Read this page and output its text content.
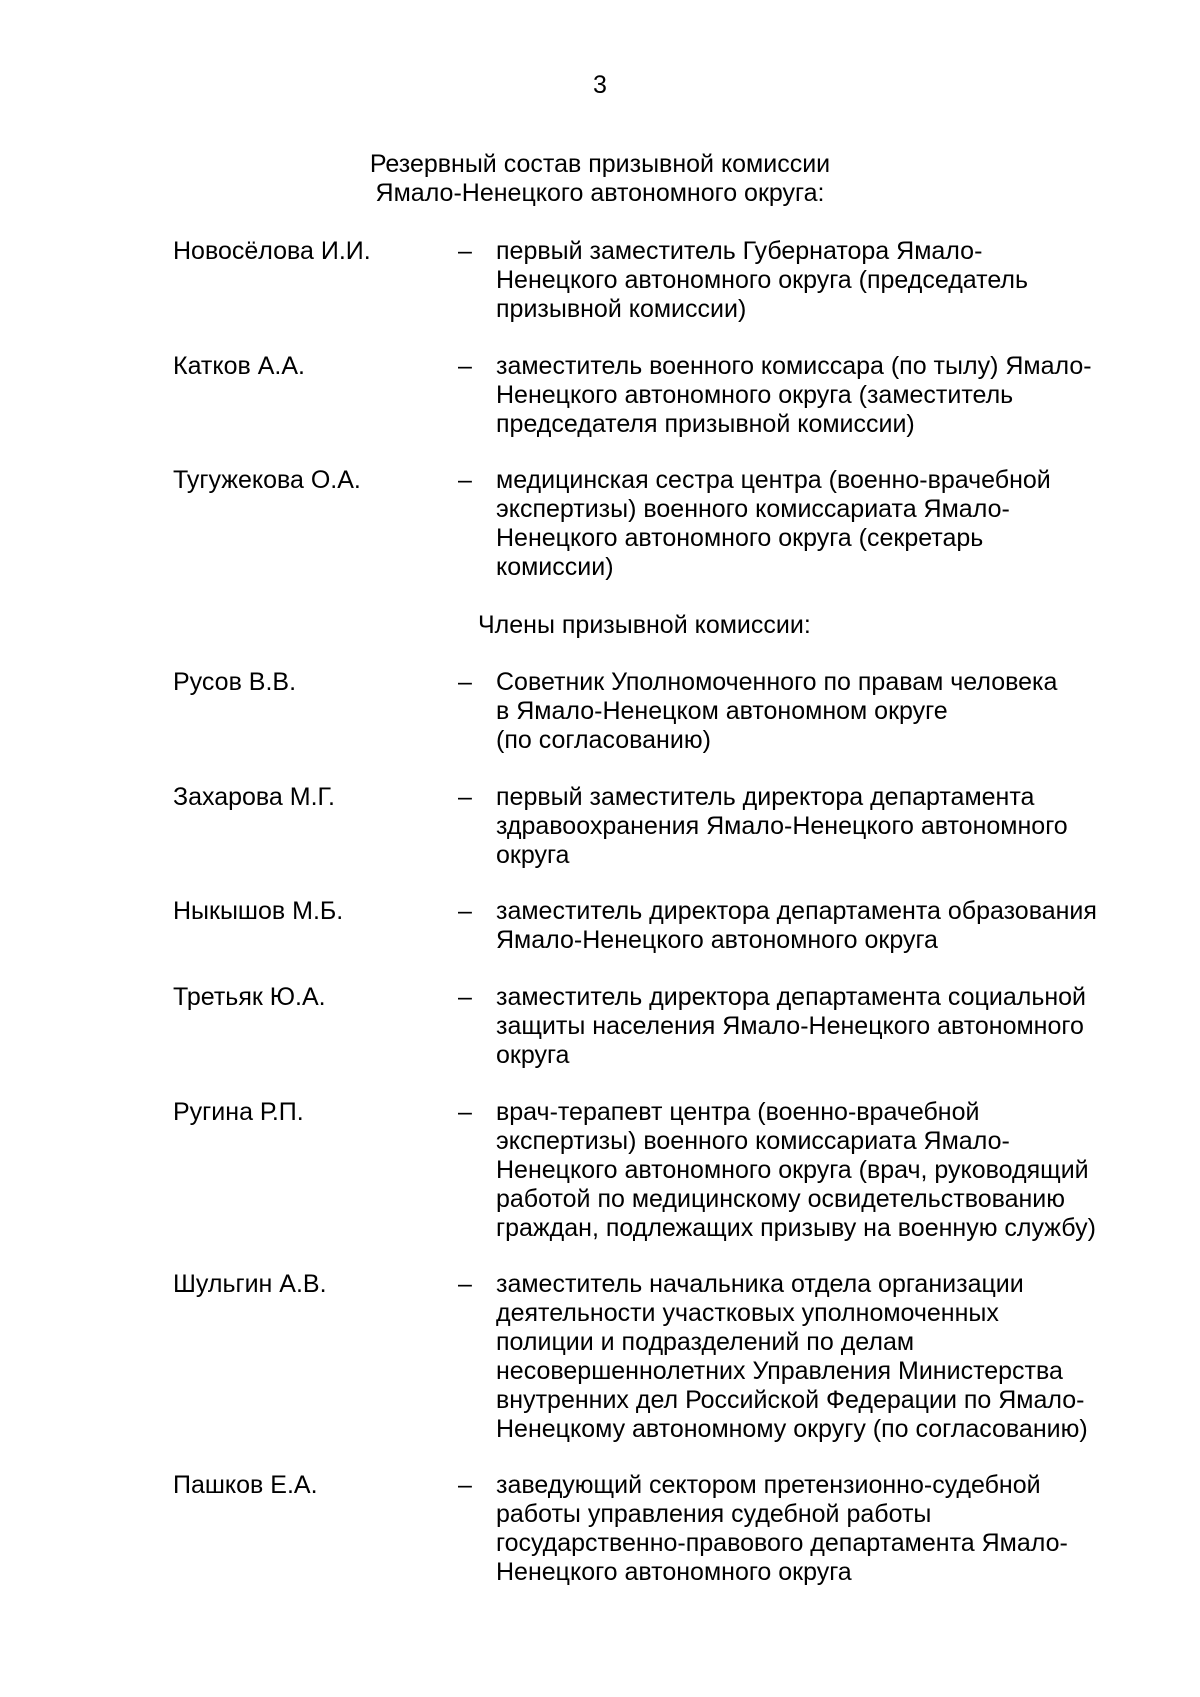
3
Резервный состав призывной комиссии
Ямало-Ненецкого автономного округа:
Новосёлова И.И.	– первый заместитель Губернатора Ямало-
Ненецкого автономного округа (председатель
призывной комиссии)
Катков А.А.	– заместитель военного комиссара (по тылу) Ямало-
Ненецкого автономного округа (заместитель
председателя призывной комиссии)
Тугужекова О.А.	– медицинская сестра центра (военно-врачебной
экспертизы) военного комиссариата Ямало-
Ненецкого автономного округа (секретарь
комиссии)
Члены призывной комиссии:
Русов В.В.	– Советник Уполномоченного по правам человека
в Ямало-Ненецком автономном округе
(по согласованию)
Захарова М.Г.	– первый заместитель директора департамента
здравоохранения Ямало-Ненецкого автономного
округа
Ныкышов М.Б.	– заместитель директора департамента образования
Ямало-Ненецкого автономного округа
Третьяк Ю.А.	– заместитель директора департамента социальной
защиты населения Ямало-Ненецкого автономного
округа
Ругина Р.П.	– врач-терапевт центра (военно-врачебной
экспертизы) военного комиссариата Ямало-
Ненецкого автономного округа (врач, руководящий
работой по медицинскому освидетельствованию
граждан, подлежащих призыву на военную службу)
Шульгин А.В.	– заместитель начальника отдела организации
деятельности участковых уполномоченных
полиции и подразделений по делам
несовершеннолетних Управления Министерства
внутренних дел Российской Федерации по Ямало-
Ненецкому автономному округу (по согласованию)
Пашков Е.А.	– заведующий сектором претензионно-судебной
работы управления судебной работы
государственно-правового департамента Ямало-
Ненецкого автономного округа
